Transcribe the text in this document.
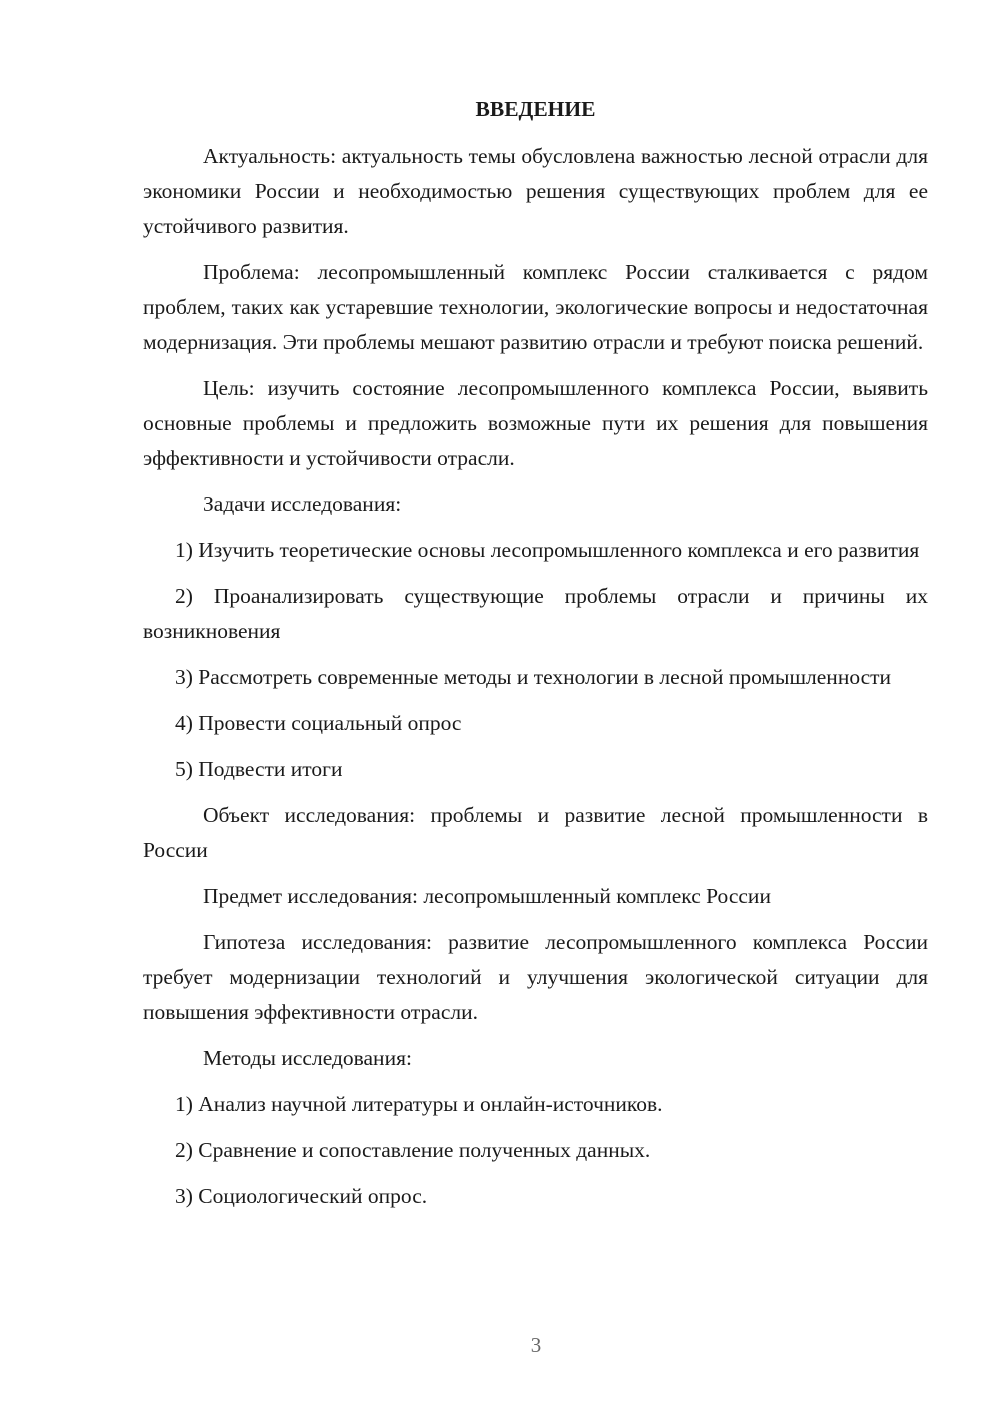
ВВЕДЕНИЕ
Актуальность: актуальность темы обусловлена важностью лесной отрасли для экономики России и необходимостью решения существующих проблем для ее устойчивого развития.
Проблема: лесопромышленный комплекс России сталкивается с рядом проблем, таких как устаревшие технологии, экологические вопросы и недостаточная модернизация. Эти проблемы мешают развитию отрасли и требуют поиска решений.
Цель: изучить состояние лесопромышленного комплекса России, выявить основные проблемы и предложить возможные пути их решения для повышения эффективности и устойчивости отрасли.
Задачи исследования:
1) Изучить теоретические основы лесопромышленного комплекса и его развития
2) Проанализировать существующие проблемы отрасли и причины их возникновения
3) Рассмотреть современные методы и технологии в лесной промышленности
4) Провести социальный опрос
5) Подвести итоги
Объект исследования: проблемы и развитие лесной промышленности в России
Предмет исследования: лесопромышленный комплекс России
Гипотеза исследования: развитие лесопромышленного комплекса России требует модернизации технологий и улучшения экологической ситуации для повышения эффективности отрасли.
Методы исследования:
1) Анализ научной литературы и онлайн-источников.
2) Сравнение и сопоставление полученных данных.
3) Социологический опрос.
3
